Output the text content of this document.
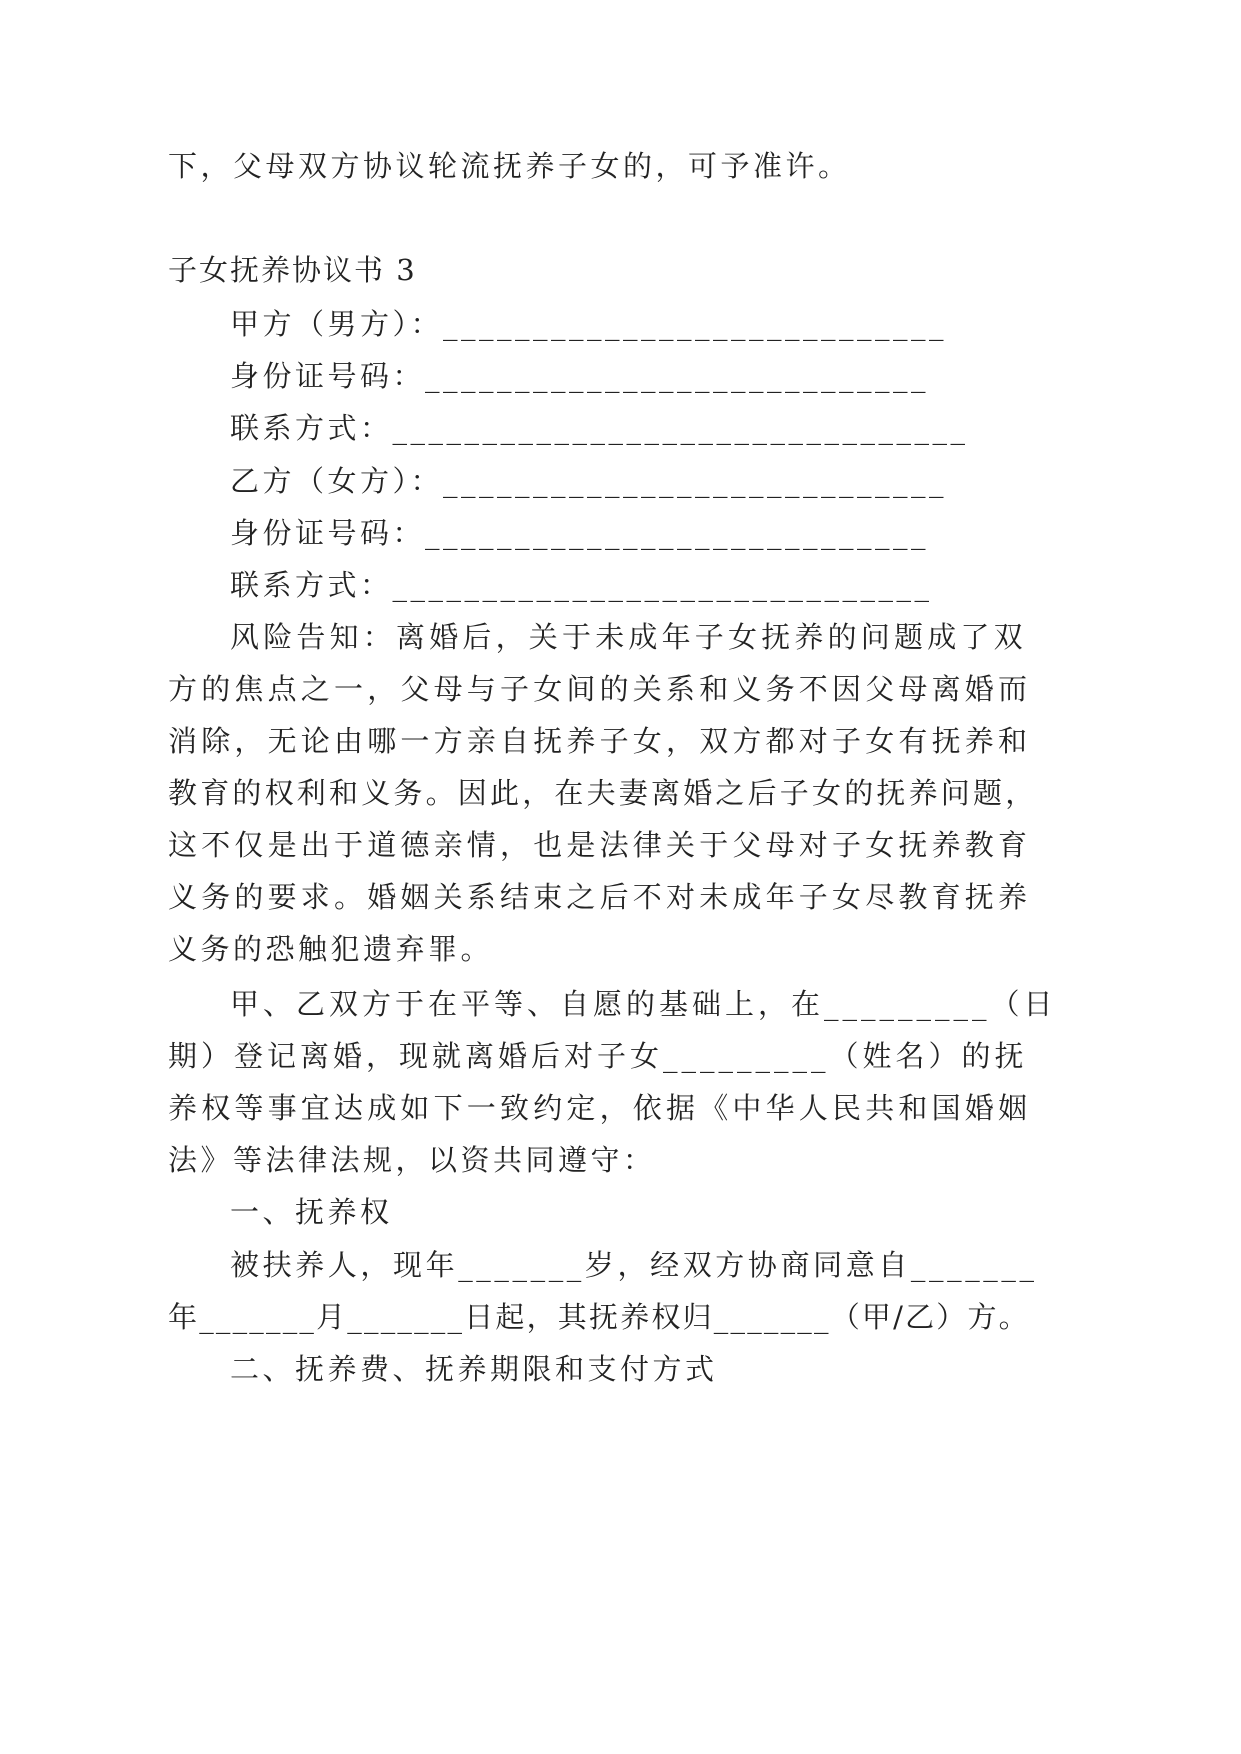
下，父母双方协议轮流抚养子女的，可予准许。
子女抚养协议书 3
甲方（男方）：____________________________
身份证号码：____________________________
联系方式：________________________________
乙方（女方）：____________________________
身份证号码：____________________________
联系方式：______________________________
风险告知：离婚后，关于未成年子女抚养的问题成了双
方的焦点之一，父母与子女间的关系和义务不因父母离婚而
消除，无论由哪一方亲自抚养子女，双方都对子女有抚养和
教育的权利和义务。因此，在夫妻离婚之后子女的抚养问题，
这不仅是出于道德亲情，也是法律关于父母对子女抚养教育
义务的要求。婚姻关系结束之后不对未成年子女尽教育抚养
义务的恐触犯遗弃罪。
甲、乙双方于在平等、自愿的基础上，在_________（日
期）登记离婚，现就离婚后对子女_________（姓名）的抚
养权等事宜达成如下一致约定，依据《中华人民共和国婚姻
法》等法律法规，以资共同遵守：
一、抚养权
被扶养人，现年_______岁，经双方协商同意自_______
年_______月_______日起，其抚养权归_______（甲/乙）方。
二、抚养费、抚养期限和支付方式
